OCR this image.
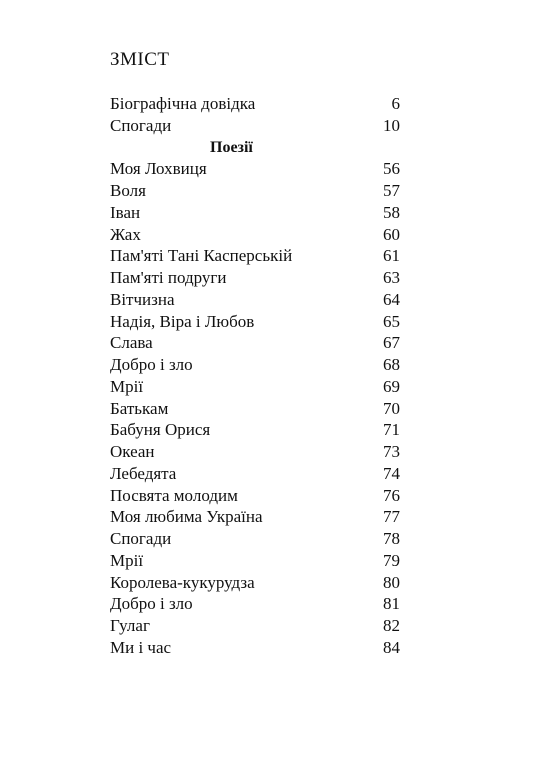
ЗМІСТ
Біографічна довідка	6
Спогади	10
Поезії
Моя Лохвиця	56
Воля	57
Іван	58
Жах	60
Пам'яті Тані Касперській	61
Пам'яті подруги	63
Вітчизна	64
Надія, Віра і Любов	65
Слава	67
Добро і зло	68
Мрії	69
Батькам	70
Бабуня Орися	71
Океан	73
Лебедята	74
Посвята молодим	76
Моя любима Україна	77
Спогади	78
Мрії	79
Королева-кукурудза	80
Добро і зло	81
Гулаг	82
Ми і час	84
